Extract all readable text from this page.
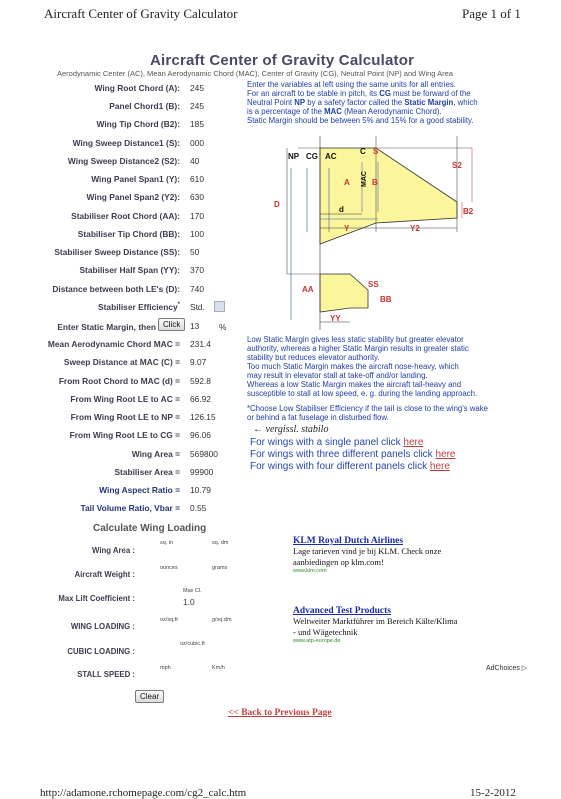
Aircraft Center of Gravity Calculator	Page 1 of 1
Aircraft Center of Gravity Calculator
Aerodynamic Center (AC), Mean Aerodynamic Chord (MAC), Center of Gravity (CG), Neutral Point (NP) and Wing Area
Wing Root Chord (A): 245
Panel Chord1 (B): 245
Wing Tip Chord (B2): 185
Wing Sweep Distance1 (S): 000
Wing Sweep Distance2 (S2): 40
Wing Panel Span1 (Y): 610
Wing Panel Span2 (Y2): 630
Stabiliser Root Chord (AA): 170
Stabiliser Tip Chord (BB): 100
Stabiliser Sweep Distance (SS): 50
Stabiliser Half Span (YY): 370
Distance between both LE's (D): 740
Stabiliser Efficiency* Std.
Enter Static Margin, then Click	13 %
Mean Aerodynamic Chord MAC = 231.4
Sweep Distance at MAC (C) = 9.07
From Root Chord to MAC (d) = 592.8
From Wing Root LE to AC = 66.92
From Wing Root LE to NP = 126.15
From Wing Root LE to CG = 96.06
Wing Area = 569800
Stabiliser Area = 99900
Wing Aspect Ratio = 10.79
Tail Volume Ratio, Vbar = 0.55
Enter the variables at left using the same units for all entries.
For an aircraft to be stable in pitch, its CG must be forward of the
Neutral Point NP by a safety factor called the Static Margin, which
is a percentage of the MAC (Mean Aerodynamic Chord).
Static Margin should be between 5% and 15% for a good stability.
NP CG AC
C S
S2
MAC
A	B
B2
D
d
Y	Y2
AA
SS
BB
YY
Low Static Margin gives less static stability but greater elevator
authority, whereas a higher Static Margin results in greater static
stability but reduces elevator authority.
Too much Static Margin makes the aircraft nose-heavy, which
may result in elevator stall at take-off and/or landing.
Whereas a low Static Margin makes the aircraft tail-heavy and
susceptible to stall at low speed, e. g. during the landing approach.
*Choose Low Stabiliser Efficiency if the tail is close to the wing's wake
or behind a fat fuselage in disturbed flow.
← vergissl. stabilo
For wings with a single panel click here
For wings with three different panels click here
For wings with four different panels click here
Calculate Wing Loading
Wing Area :
sq. in	sq. dm
Aircraft Weight :
ounces	grams
Max Lift Coefficient :
Max Cl.
1.0
WING LOADING :
oz/sq.ft	g/sq.dm
CUBIC LOADING :
oz/cubic.ft
STALL SPEED :
mph	Km/h
Clear
KLM Royal Dutch Airlines
Lage tarieven vind je bij KLM. Check onze
aanbiedingen op klm.com!
www.klm.com
Advanced Test Products
Weltweiter Marktführer im Bereich Kälte/Klima
- und Wägetechnik
www.atp-europe.de
AdChoices ▷
<< Back to Previous Page
http://adamone.rchomepage.com/cg2_calc.htm	15-2-2012
